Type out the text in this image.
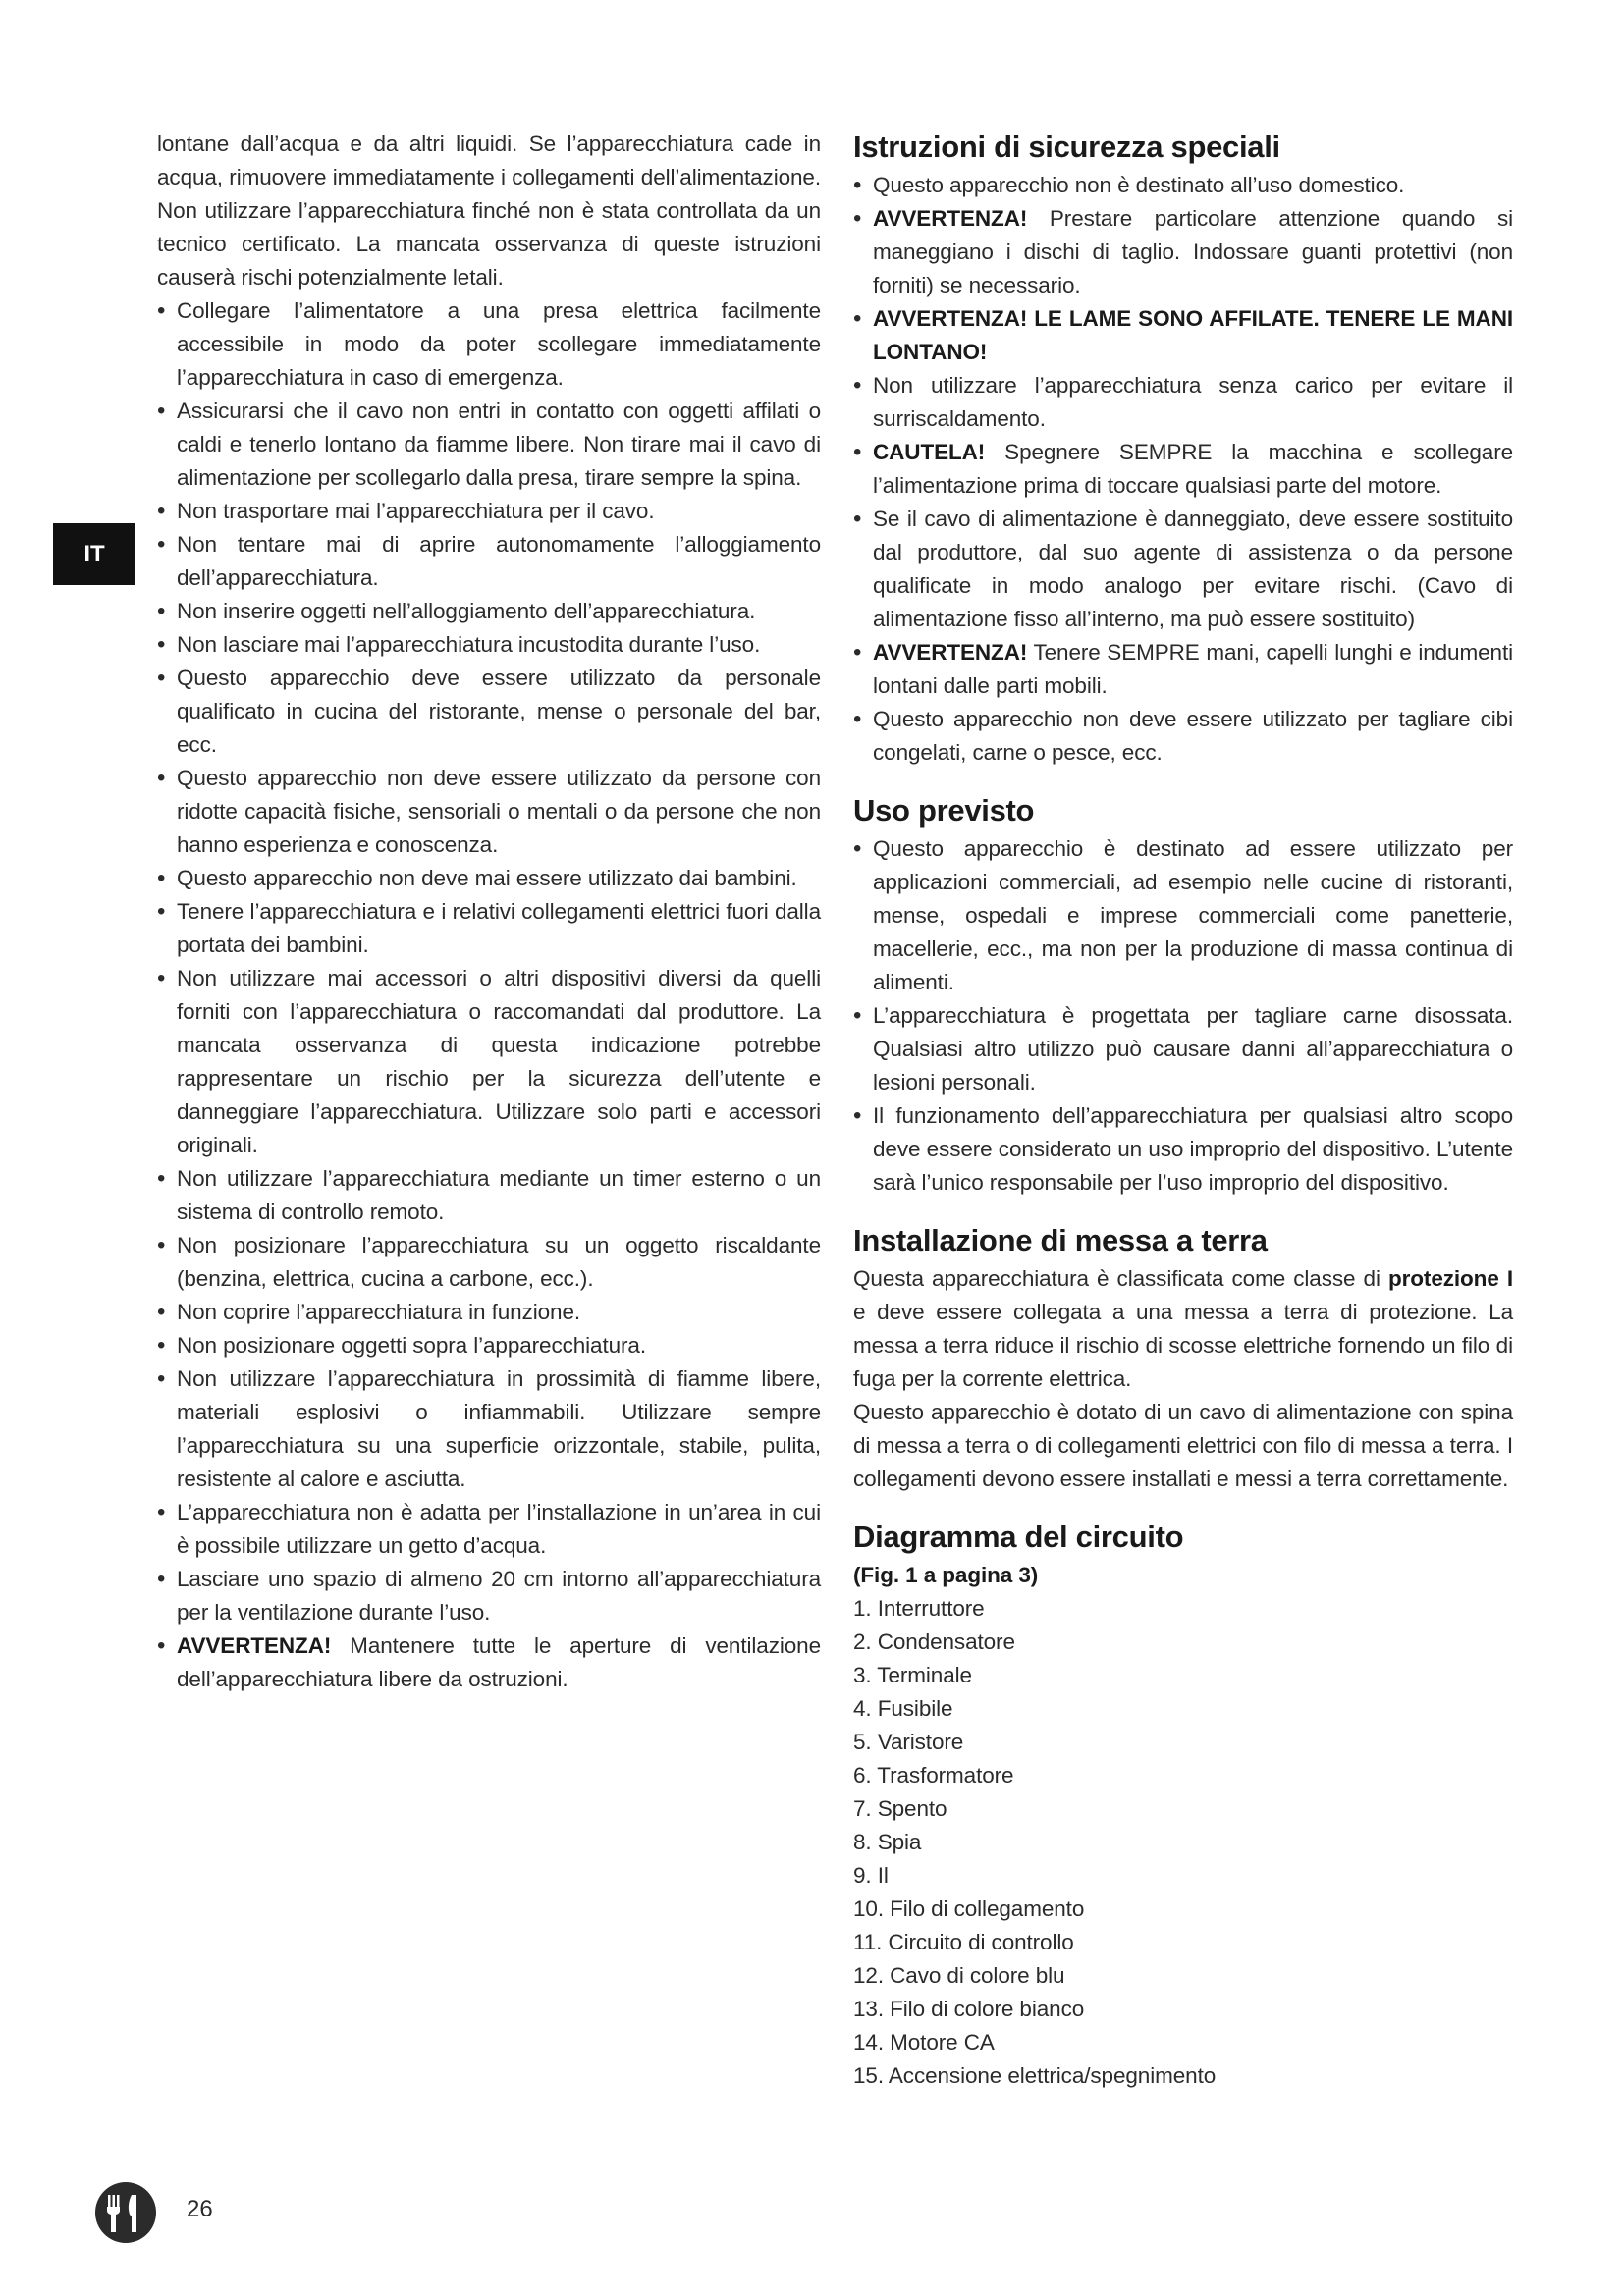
IT

lontane dall’acqua e da altri liquidi. Se l’apparecchiatura cade in acqua, rimuovere immediatamente i collegamenti dell’alimentazione. Non utilizzare l’apparecchiatura finché non è stata controllata da un tecnico certificato. La mancata osservanza di queste istruzioni causerà rischi potenzialmente letali.

• Collegare l’alimentatore a una presa elettrica facilmente accessibile in modo da poter scollegare immediatamente l’apparecchiatura in caso di emergenza.

• Assicurarsi che il cavo non entri in contatto con oggetti affilati o caldi e tenerlo lontano da fiamme libere. Non tirare mai il cavo di alimentazione per scollegarlo dalla presa, tirare sempre la spina.

• Non trasportare mai l’apparecchiatura per il cavo.

• Non tentare mai di aprire autonomamente l’alloggiamento dell’apparecchiatura.

• Non inserire oggetti nell’alloggiamento dell’apparecchiatura.

• Non lasciare mai l’apparecchiatura incustodita durante l’uso.

• Questo apparecchio deve essere utilizzato da personale qualificato in cucina del ristorante, mense o personale del bar, ecc.

• Questo apparecchio non deve essere utilizzato da persone con ridotte capacità fisiche, sensoriali o mentali o da persone che non hanno esperienza e conoscenza.

• Questo apparecchio non deve mai essere utilizzato dai bambini.

• Tenere l’apparecchiatura e i relativi collegamenti elettrici fuori dalla portata dei bambini.

• Non utilizzare mai accessori o altri dispositivi diversi da quelli forniti con l’apparecchiatura o raccomandati dal produttore. La mancata osservanza di questa indicazione potrebbe rappresentare un rischio per la sicurezza dell’utente e danneggiare l’apparecchiatura. Utilizzare solo parti e accessori originali.

• Non utilizzare l’apparecchiatura mediante un timer esterno o un sistema di controllo remoto.

• Non posizionare l’apparecchiatura su un oggetto riscaldante (benzina, elettrica, cucina a carbone, ecc.).

• Non coprire l’apparecchiatura in funzione.

• Non posizionare oggetti sopra l’apparecchiatura.

• Non utilizzare l’apparecchiatura in prossimità di fiamme libere, materiali esplosivi o infiammabili. Utilizzare sempre l’apparecchiatura su una superficie orizzontale, stabile, pulita, resistente al calore e asciutta.

• L’apparecchiatura non è adatta per l’installazione in un’area in cui è possibile utilizzare un getto d’acqua.

• Lasciare uno spazio di almeno 20 cm intorno all’apparecchiatura per la ventilazione durante l’uso.

• AVVERTENZA! Mantenere tutte le aperture di ventilazione dell’apparecchiatura libere da ostruzioni.

Istruzioni di sicurezza speciali

• Questo apparecchio non è destinato all’uso domestico.

• AVVERTENZA! Prestare particolare attenzione quando si maneggiano i dischi di taglio. Indossare guanti protettivi (non forniti) se necessario.

• AVVERTENZA! LE LAME SONO AFFILATE. TENERE LE MANI LONTANO!

• Non utilizzare l’apparecchiatura senza carico per evitare il surriscaldamento.

• CAUTELA! Spegnere SEMPRE la macchina e scollegare l’alimentazione prima di toccare qualsiasi parte del motore.

• Se il cavo di alimentazione è danneggiato, deve essere sostituito dal produttore, dal suo agente di assistenza o da persone qualificate in modo analogo per evitare rischi. (Cavo di alimentazione fisso all’interno, ma può essere sostituito)

• AVVERTENZA! Tenere SEMPRE mani, capelli lunghi e indumenti lontani dalle parti mobili.

• Questo apparecchio non deve essere utilizzato per tagliare cibi congelati, carne o pesce, ecc.

Uso previsto

• Questo apparecchio è destinato ad essere utilizzato per applicazioni commerciali, ad esempio nelle cucine di ristoranti, mense, ospedali e imprese commerciali come panetterie, macellerie, ecc., ma non per la produzione di massa continua di alimenti.

• L’apparecchiatura è progettata per tagliare carne disossata. Qualsiasi altro utilizzo può causare danni all’apparecchiatura o lesioni personali.

• Il funzionamento dell’apparecchiatura per qualsiasi altro scopo deve essere considerato un uso improprio del dispositivo. L’utente sarà l’unico responsabile per l’uso improprio del dispositivo.

Installazione di messa a terra

Questa apparecchiatura è classificata come classe di protezione I e deve essere collegata a una messa a terra di protezione. La messa a terra riduce il rischio di scosse elettriche fornendo un filo di fuga per la corrente elettrica.

Questo apparecchio è dotato di un cavo di alimentazione con spina di messa a terra o di collegamenti elettrici con filo di messa a terra. I collegamenti devono essere installati e messi a terra correttamente.

Diagramma del circuito

(Fig. 1 a pagina 3)

1. Interruttore
2. Condensatore
3. Terminale
4. Fusibile
5. Varistore
6. Trasformatore
7. Spento
8. Spia
9. Il
10. Filo di collegamento
11. Circuito di controllo
12. Cavo di colore blu
13. Filo di colore bianco
14. Motore CA
15. Accensione elettrica/spegnimento
26
